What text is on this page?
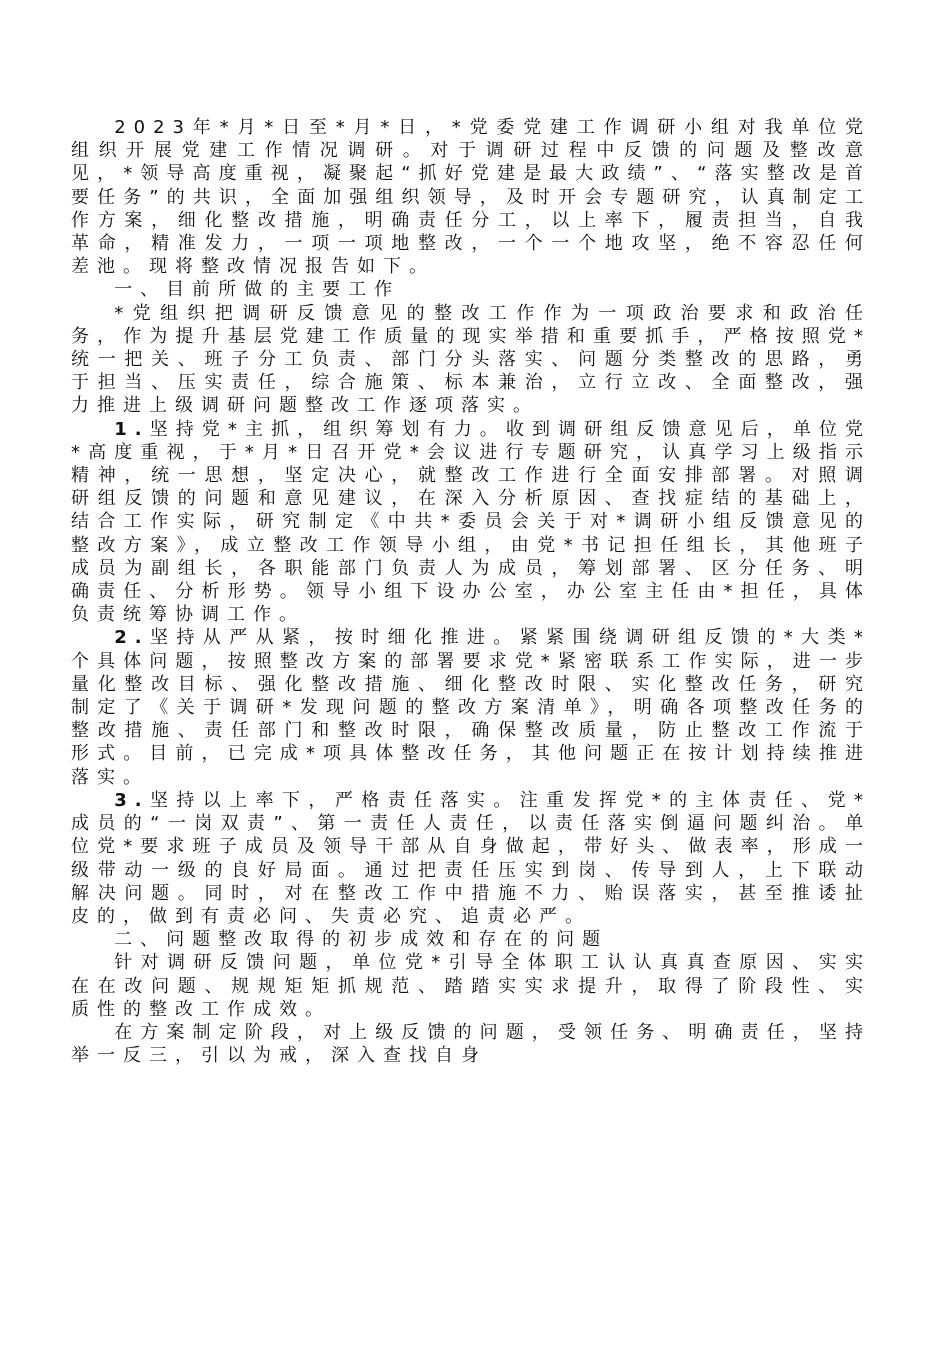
2023年*月*日至*月*日，*党委党建工作调研小组对我单位党组织开展党建工作情况调研。对于调研过程中反馈的问题及整改意见，*领导高度重视，凝聚起“抓好党建是最大政绩”、“落实整改是首要任务”的共识，全面加强组织领导，及时开会专题研究，认真制定工作方案，细化整改措施，明确责任分工，以上率下，履责担当，自我革命，精准发力，一项一项地整改，一个一个地攻坚，绝不容忍任何差池。现将整改情况报告如下。

一、目前所做的主要工作

*党组织把调研反馈意见的整改工作作为一项政治要求和政治任务，作为提升基层党建工作质量的现实举措和重要抓手，严格按照党*统一把关、班子分工负责、部门分头落实、问题分类整改的思路，勇于担当、压实责任，综合施策、标本兼治，立行立改、全面整改，强力推进上级调研问题整改工作逐项落实。

1.坚持党*主抓，组织筹划有力。收到调研组反馈意见后，单位党*高度重视，于*月*日召开党*会议进行专题研究，认真学习上级指示精神，统一思想，坚定决心，就整改工作进行全面安排部署。对照调研组反馈的问题和意见建议，在深入分析原因、查找症结的基础上，结合工作实际，研究制定《中共*委员会关于对*调研小组反馈意见的整改方案》，成立整改工作领导小组，由党*书记担任组长，其他班子成员为副组长，各职能部门负责人为成员，筹划部署、区分任务、明确责任、分析形势。领导小组下设办公室，办公室主任由*担任，具体负责统筹协调工作。

2.坚持从严从紧，按时细化推进。紧紧围绕调研组反馈的*大类*个具体问题，按照整改方案的部署要求党*紧密联系工作实际，进一步量化整改目标、强化整改措施、细化整改时限、实化整改任务，研究制定了《关于调研*发现问题的整改方案清单》，明确各项整改任务的整改措施、责任部门和整改时限，确保整改质量，防止整改工作流于形式。目前，已完成*项具体整改任务，其他问题正在按计划持续推进落实。

3.坚持以上率下，严格责任落实。注重发挥党*的主体责任、党*成员的“一岗双责”、第一责任人责任，以责任落实倒逼问题纠治。单位党*要求班子成员及领导干部从自身做起，带好头、做表率，形成一级带动一级的良好局面。通过把责任压实到岗、传导到人，上下联动解决问题。同时，对在整改工作中措施不力、贻误落实，甚至推诿扯皮的，做到有责必问、失责必究、追责必严。

二、问题整改取得的初步成效和存在的问题

针对调研反馈问题，单位党*引导全体职工认认真真查原因、实实在在改问题、规规矩矩抓规范、踏踏实实求提升，取得了阶段性、实质性的整改工作成效。

在方案制定阶段，对上级反馈的问题，受领任务、明确责任，坚持举一反三，引以为戒，深入查找自身
